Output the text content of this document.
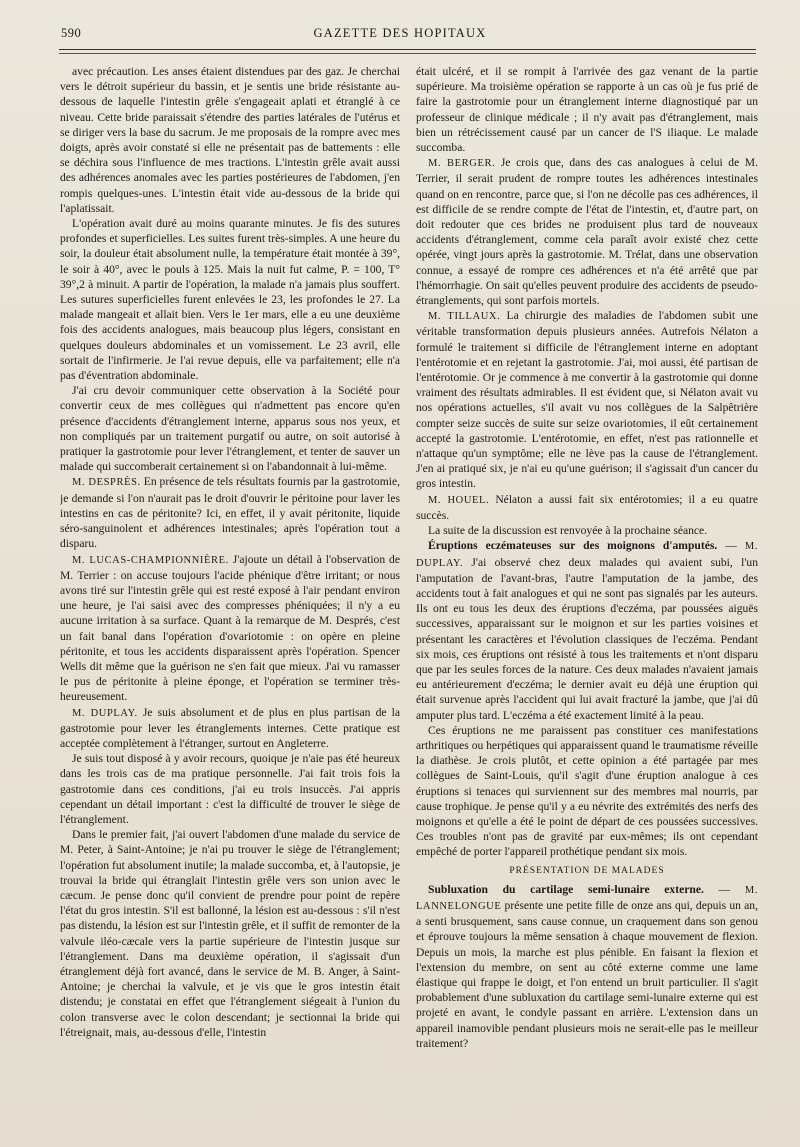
590	GAZETTE DES HOPITAUX

avec précaution. Les anses étaient distendues par des gaz. Je cherchai vers le détroit supérieur du bassin, et je sentis une bride résistante au-dessous de laquelle l'intestin grêle s'engageait aplati et étranglé à ce niveau. Cette bride paraissait s'étendre des parties latérales de l'utérus et se diriger vers la base du sacrum. Je me proposais de la rompre avec mes doigts, après avoir constaté si elle ne présentait pas de battements : elle se déchira sous l'influence de mes tractions. L'intestin grêle avait aussi des adhérences anomales avec les parties postérieures de l'abdomen, j'en rompis quelques-unes. L'intestin était vide au-dessous de la bride qui l'aplatissait.

L'opération avait duré au moins quarante minutes. Je fis des sutures profondes et superficielles. Les suites furent très-simples. A une heure du soir, la douleur était absolument nulle, la température était montée à 39°, le soir à 40°, avec le pouls à 125. Mais la nuit fut calme, P. = 100, T° 39°,2 à minuit. A partir de l'opération, la malade n'a jamais plus souffert. Les sutures superficielles furent enlevées le 23, les profondes le 27. La malade mangeait et allait bien. Vers le 1er mars, elle a eu une deuxième fois des accidents analogues, mais beaucoup plus légers, consistant en quelques douleurs abdominales et un vomissement. Le 23 avril, elle sortait de l'infirmerie. Je l'ai revue depuis, elle va parfaitement; elle n'a pas d'éventration abdominale.

J'ai cru devoir communiquer cette observation à la Société pour convertir ceux de mes collègues qui n'admettent pas encore qu'en présence d'accidents d'étranglement interne, apparus sous nos yeux, et non compliqués par un traitement purgatif ou autre, on soit autorisé à pratiquer la gastrotomie pour lever l'étranglement, et tenter de sauver un malade qui succomberait certainement si on l'abandonnait à lui-même.

M. DESPRÈS. En présence de tels résultats fournis par la gastrotomie, je demande si l'on n'aurait pas le droit d'ouvrir le péritoine pour laver les intestins en cas de péritonite? Ici, en effet, il y avait péritonite, liquide séro-sanguinolent et adhérences intestinales; après l'opération tout a disparu.

M. LUCAS-CHAMPIONNIÈRE. J'ajoute un détail à l'observation de M. Terrier : on accuse toujours l'acide phénique d'être irritant; or nous avons tiré sur l'intestin grêle qui est resté exposé à l'air pendant environ une heure, je l'ai saisi avec des compresses phéniquées; il n'y a eu aucune irritation à sa surface. Quant à la remarque de M. Després, c'est un fait banal dans l'opération d'ovariotomie : on opère en pleine péritonite, et tous les accidents disparaissent après l'opération. Spencer Wells dit même que la guérison ne s'en fait que mieux. J'ai vu ramasser le pus de péritonite à pleine éponge, et l'opération se terminer très-heureusement.

M. DUPLAY. Je suis absolument et de plus en plus partisan de la gastrotomie pour lever les étranglements internes. Cette pratique est acceptée complètement à l'étranger, surtout en Angleterre.

Je suis tout disposé à y avoir recours, quoique je n'aie pas été heureux dans les trois cas de ma pratique personnelle. J'ai fait trois fois la gastrotomie dans ces conditions, j'ai eu trois insuccès. J'ai appris cependant un détail important : c'est la difficulté de trouver le siège de l'étranglement.

Dans le premier fait, j'ai ouvert l'abdomen d'une malade du service de M. Peter, à Saint-Antoine; je n'ai pu trouver le siège de l'étranglement; l'opération fut absolument inutile; la malade succomba, et, à l'autopsie, je trouvai la bride qui étranglait l'intestin grêle vers son union avec le cæcum. Je pense donc qu'il convient de prendre pour point de repère l'état du gros intestin. S'il est ballonné, la lésion est au-dessous : s'il n'est pas distendu, la lésion est sur l'intestin grêle, et il suffit de remonter de la valvule iléo-cæcale vers la partie supérieure de l'intestin jusque sur l'étranglement. Dans ma deuxième opération, il s'agissait d'un étranglement déjà fort avancé, dans le service de M. B. Anger, à Saint-Antoine; je cherchai la valvule, et je vis que le gros intestin était distendu; je constatai en effet que l'étranglement siégeait à l'union du colon transverse avec le colon descendant; je sectionnai la bride qui l'étreignait, mais, au-dessous d'elle, l'intestin

était ulcéré, et il se rompit à l'arrivée des gaz venant de la partie supérieure. Ma troisième opération se rapporte à un cas où je fus prié de faire la gastrotomie pour un étranglement interne diagnostiqué par un professeur de clinique médicale ; il n'y avait pas d'étranglement, mais bien un rétrécissement causé par un cancer de l'S iliaque. Le malade succomba.

M. BERGER. Je crois que, dans des cas analogues à celui de M. Terrier, il serait prudent de rompre toutes les adhérences intestinales quand on en rencontre, parce que, si l'on ne décolle pas ces adhérences, il est difficile de se rendre compte de l'état de l'intestin, et, d'autre part, on doit redouter que ces brides ne produisent plus tard de nouveaux accidents d'étranglement, comme cela paraît avoir existé chez cette opérée, vingt jours après la gastrotomie. M. Trélat, dans une observation connue, a essayé de rompre ces adhérences et n'a été arrêté que par l'hémorrhagie. On sait qu'elles peuvent produire des accidents de pseudo-étranglements, qui sont parfois mortels.

M. TILLAUX. La chirurgie des maladies de l'abdomen subit une véritable transformation depuis plusieurs années. Autrefois Nélaton a formulé le traitement si difficile de l'étranglement interne en adoptant l'entérotomie et en rejetant la gastrotomie. J'ai, moi aussi, été partisan de l'entérotomie. Or je commence à me convertir à la gastrotomie qui donne vraiment des résultats admirables. Il est évident que, si Nélaton avait vu nos opérations actuelles, s'il avait vu nos collègues de la Salpêtrière compter seize succès de suite sur seize ovariotomies, il eût certainement accepté la gastrotomie. L'entérotomie, en effet, n'est pas rationnelle et n'attaque qu'un symptôme; elle ne lève pas la cause de l'étranglement. J'en ai pratiqué six, je n'ai eu qu'une guérison; il s'agissait d'un cancer du gros intestin.

M. HOUEL. Nélaton a aussi fait six entérotomies; il a eu quatre succès.

La suite de la discussion est renvoyée à la prochaine séance.

Éruptions eczémateuses sur des moignons d'amputés. — M. DUPLAY. J'ai observé chez deux malades qui avaient subi, l'un l'amputation de l'avant-bras, l'autre l'amputation de la jambe, des accidents tout à fait analogues et qui ne sont pas signalés par les auteurs. Ils ont eu tous les deux des éruptions d'eczéma, par poussées aiguës successives, apparaissant sur le moignon et sur les parties voisines et présentant les caractères et l'évolution classiques de l'eczéma. Pendant six mois, ces éruptions ont résisté à tous les traitements et n'ont disparu que par les seules forces de la nature. Ces deux malades n'avaient jamais eu antérieurement d'eczéma; le dernier avait eu déjà une éruption qui était survenue après l'accident qui lui avait fracturé la jambe, que j'ai dû amputer plus tard. L'eczéma a été exactement limité à la peau.

Ces éruptions ne me paraissent pas constituer ces manifestations arthritiques ou herpétiques qui apparaissent quand le traumatisme réveille la diathèse. Je crois plutôt, et cette opinion a été partagée par mes collègues de Saint-Louis, qu'il s'agit d'une éruption analogue à ces éruptions si tenaces qui surviennent sur des membres mal nourris, par cause trophique. Je pense qu'il y a eu névrite des extrémités des nerfs des moignons et qu'elle a été le point de départ de ces poussées successives. Ces troubles n'ont pas de gravité par eux-mêmes; ils ont cependant empêché de porter l'appareil prothétique pendant six mois.

PRÉSENTATION DE MALADES

Subluxation du cartilage semi-lunaire externe. — M. LANNELONGUE présente une petite fille de onze ans qui, depuis un an, a senti brusquement, sans cause connue, un craquement dans son genou et éprouve toujours la même sensation à chaque mouvement de flexion. Depuis un mois, la marche est plus pénible. En faisant la flexion et l'extension du membre, on sent au côté externe comme une lame élastique qui frappe le doigt, et l'on entend un bruit particulier. Il s'agit probablement d'une subluxation du cartilage semi-lunaire externe qui est projeté en avant, le condyle passant en arrière. L'extension dans un appareil inamovible pendant plusieurs mois ne serait-elle pas le meilleur traitement?
